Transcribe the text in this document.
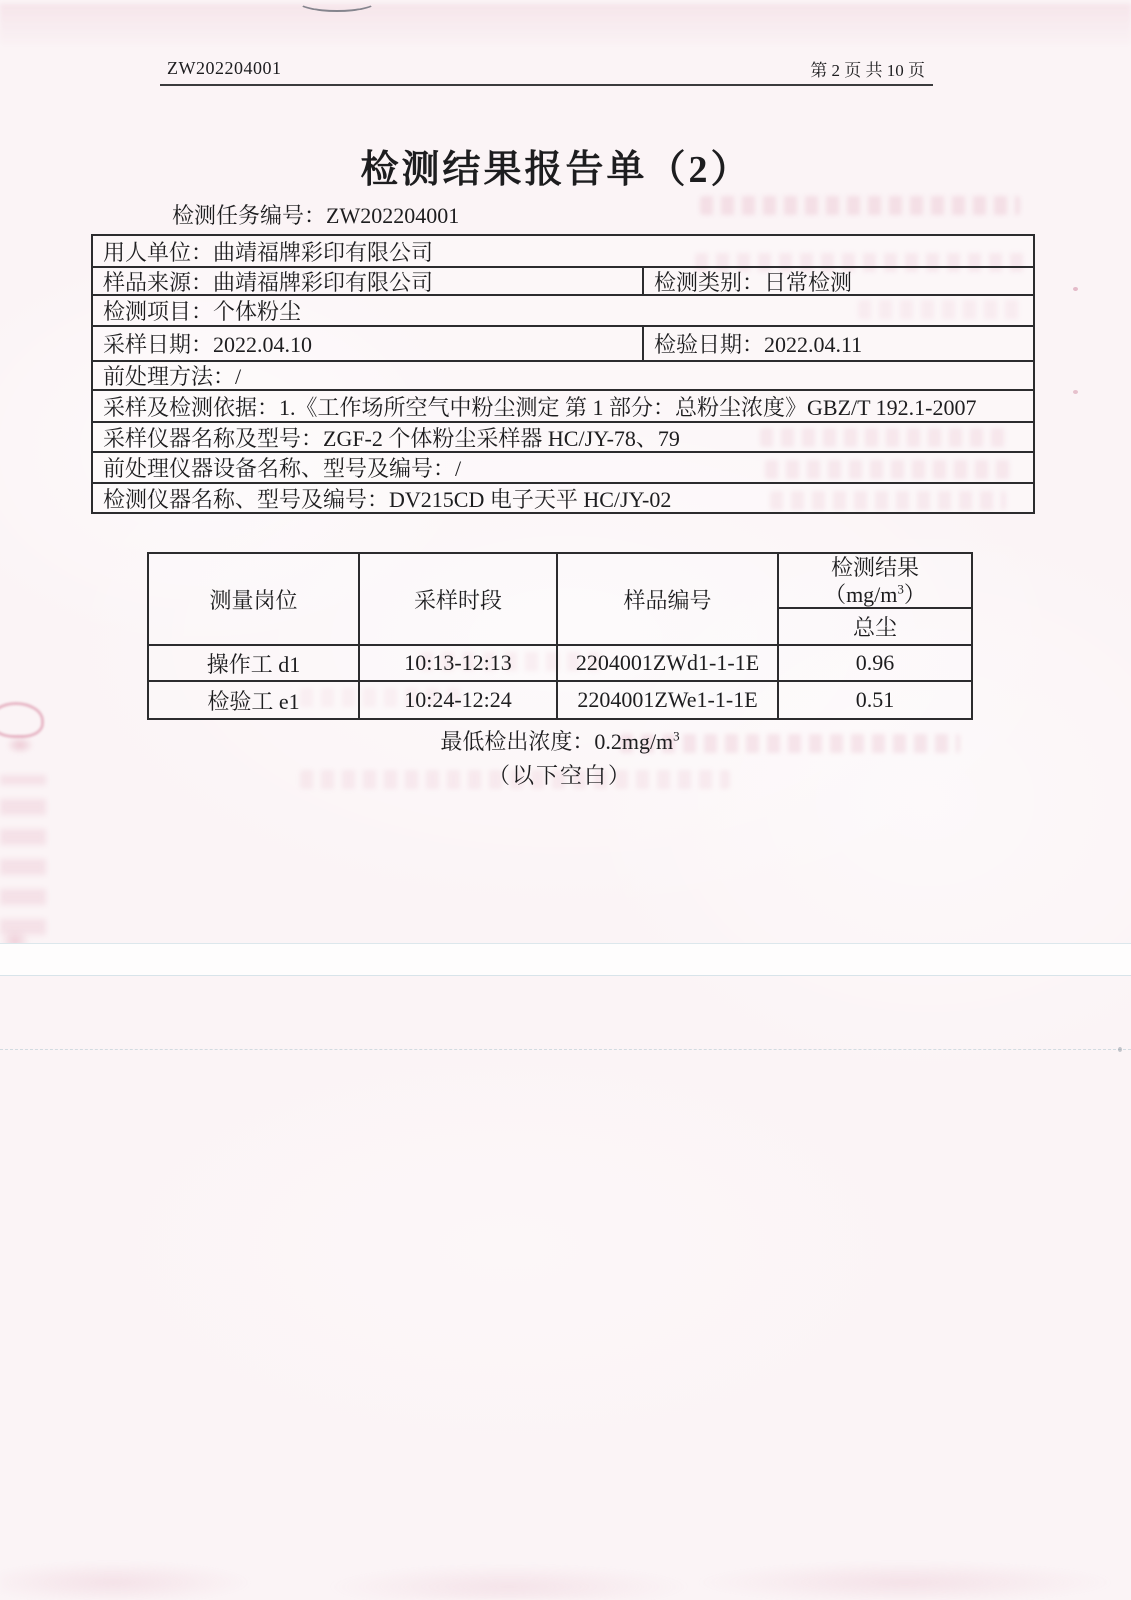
ZW202204001	第 2 页 共 10 页
检测结果报告单（2）
检测任务编号：ZW202204001
用人单位：曲靖福牌彩印有限公司
样品来源：曲靖福牌彩印有限公司	检测类别：日常检测
检测项目：个体粉尘
采样日期：2022.04.10	检验日期：2022.04.11
前处理方法：/
采样及检测依据：1.《工作场所空气中粉尘测定 第 1 部分：总粉尘浓度》GBZ/T 192.1-2007
采样仪器名称及型号：ZGF-2 个体粉尘采样器 HC/JY-78、79
前处理仪器设备名称、型号及编号：/
检测仪器名称、型号及编号：DV215CD 电子天平 HC/JY-02
测量岗位	采样时段	样品编号
检测结果
$(mg/m^3)$
总尘
操作工 d1	10:13-12:13	2204001ZWd1-1-1E	0.96
检验工 e1	10:24-12:24	2204001ZWe1-1-1E	0.51
最低检出浓度：$0.2mg/m^3$
（以下空白）
